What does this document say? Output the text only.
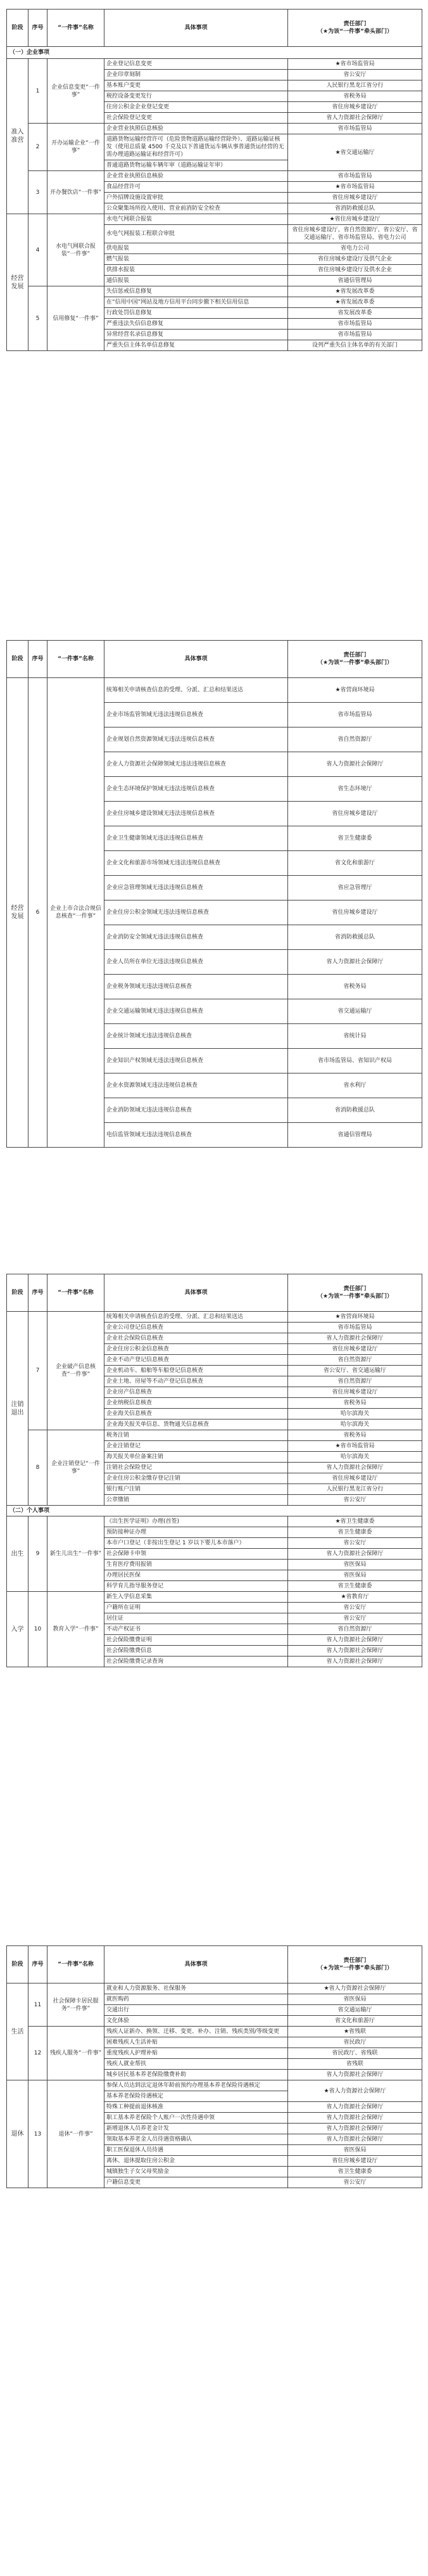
阶段	序号	“一件事”名称	具体事项	责任部门
（★为该“一件事”牵头部门）

（一）企业事项				
准入准营	1	企业信息变更“一件事”	企业登记信息变更	★省市场监管局
			企业印章刻制	省公安厅
			基本账户变更	人民银行黑龙江省分行
			税控设备变更发行	省税务局
			住房公积金企业登记变更	省住房城乡建设厅
			社会保险登记变更	省人力资源社会保障厅
	2	开办运输企业“一件事”	企业营业执照信息核验	省市场监管局
			道路货物运输经营许可（危险货物道路运输经营除外）、道路运输证核发（使用总质量 4500 千克及以下普通货运车辆从事普通货运经营的无需办理道路运输证和经营许可）	★省交通运输厅
			普通道路货物运输车辆年审（道路运输证年审）	
	3	开办餐饮店“一件事”	企业营业执照信息核验	省市场监管局
			食品经营许可	★省市场监管局
			户外招牌设施设置审批	省住房城乡建设厅
			公众聚集场所投入使用、营业前消防安全检查	省消防救援总队
经营发展	4	水电气网联合报装“一件事”	水电气网联合报装	★省住房城乡建设厅
			水电气网报装工程联合审批	省住房城乡建设厅、省自然资源厅、省公安厅、省交通运输厅、省市场监管局、省电力公司
			供电报装	省电力公司
			燃气报装	省住房城乡建设厅及供气企业
			供排水报装	省住房城乡建设厅及供水企业
			通信报装	省通信管理局
	5	信用修复“一件事”	失信惩戒信息修复	★省发展改革委
			在“信用中国”网站及地方信用平台同步撤下相关信用信息	★省发展改革委
			行政处罚信息修复	省发展改革委
			严重违法失信信息修复	省市场监管局
			异常经营名录信息修复	省市场监管局
			严重失信主体名单信息修复	设列严重失信主体名单的有关部门
阶段	序号	“一件事”名称	具体事项	责任部门
（★为该“一件事”牵头部门）

经营发展	6	企业上市合法合规信息核查“一件事”	统筹相关申请核查信息的受理、分派、汇总和结果送达	★省营商环境局
			企业市场监管领域无违法违规信息核查	省市场监管局
			企业规划自然资源领域无违法违规信息核查	省自然资源厅
			企业人力资源社会保障领域无违法违规信息核查	省人力资源社会保障厅
			企业生态环境保护领域无违法违规信息核查	省生态环境厅
			企业住房城乡建设领域无违法违规信息核查	省住房城乡建设厅
			企业卫生健康领域无违法违规信息核查	省卫生健康委
			企业文化和旅游市场领域无违法违规信息核查	省文化和旅游厅
			企业应急管理领域无违法违规信息核查	省应急管理厅
			企业住房公积金领域无违法违规信息核查	省住房城乡建设厅
			企业消防安全领域无违法违规信息核查	省消防救援总队
			企业人员所在单位无违法违规信息核查	省人力资源社会保障厅
			企业税务领域无违法违规信息核查	省税务局
			企业交通运输领域无违法违规信息核查	省交通运输厅
			企业统计领域无违法违规信息核查	省统计局
			企业知识产权领域无违法违规信息核查	省市场监管局、省知识产权局
			企业水资源领域无违法违规信息核查	省水利厅
			企业消防领域无违法违规信息核查	省消防救援总队
			电信监管领域无违法违规信息核查	省通信管理局
阶段	序号	“一件事”名称	具体事项	责任部门
（★为该“一件事”牵头部门）

注销退出	7	企业破产信息核查“一件事”	统筹相关申请核查信息的受理、分派、汇总和结果送达	★省营商环境局
			企业公司登记信息核查	省市场监管局
			企业社会保险信息核查	省人力资源社会保障厅
			企业住房公积金信息核查	省住房城乡建设厅
			企业不动产登记信息核查	省自然资源厅
			企业机动车、船舶等车船登记信息核查	省公安厅、省交通运输厅
			企业土地、房屋等不动产登记信息核查	省自然资源厅
			企业房产信息核查	省住房城乡建设厅
			企业纳税信息核查	省税务局
			企业海关信息核查	哈尔滨海关
			企业海关报关单信息、货物通关信息核查	哈尔滨海关
	8	企业注销登记“一件事”	税务注销	省税务局
			企业注销登记	★省市场监管局
			海关报关单位备案注销	哈尔滨海关
			注销社会保险登记	省人力资源社会保障厅
			企业住房公积金缴存登记注销	省住房城乡建设厅
			银行账户注销	人民银行黑龙江省分行
			公章缴销	省公安厅
（二）个人事项				
出生	9	新生儿出生“一件事”	《出生医学证明》办理(首签)	★省卫生健康委
			预防接种证办理	省卫生健康委
			本市户口登记（非按出生登记 1 岁以下婴儿本市落户）	省公安厅
			社会保障卡申领	省人力资源社会保障厅
			生育医疗费用报销	省医保局
			办理居民医保	省医保局
			科学育儿指导服务登记	省卫生健康委
入学	10	教育入学“一件事”	新生入学信息采集	★省教育厅
			户籍所在证明	省公安厅
			居住证	省公安厅
			不动产权证书	省自然资源厅
			社会保险缴费证明	省人力资源社会保障厅
			社会保险缴费信息	省人力资源社会保障厅
			社会保险缴费记录查询	省人力资源社会保障厅
阶段	序号	“一件事”名称	具体事项	责任部门
（★为该“一件事”牵头部门）

生活	11	社会保障卡居民服务“一件事”	就业和人力资源服务、社保服务	★省人力资源社会保障厅
			就医购药	省医保局
			交通出行	省交通运输厅
			文化体验	省文化和旅游厅
	12	残疾人服务“一件事”	残疾人证新办、换领、迁移、变更、补办、注销、残疾类别/等级变更	★省残联
			困难残疾人生活补贴	省民政厅
			重度残疾人护理补贴	省民政厅、省残联
			残疾人就业帮扶	省残联
			城乡居民基本养老保险缴费补助	省人力资源社会保障厅
退休	13	退休“一件事”	参保人员达到法定退休年龄前预约办理基本养老保险待遇核定	★省人力资源社会保障厅
			基本养老保险待遇核定	
			特殊工种提前退休核准	省人力资源社会保障厅
			职工基本养老保险个人账户一次性待遇申领	省人力资源社会保障厅
			新增退休人员养老金计发	省人力资源社会保障厅
			领取基本养老金人员待遇资格确认	省人力资源社会保障厅
			职工医保退休人员待遇	省医保局
			离休、退休提取住房公积金	省住房城乡建设厅
			城镇独生子女父母奖励金	省卫生健康委
			户籍信息变更	省公安厅
